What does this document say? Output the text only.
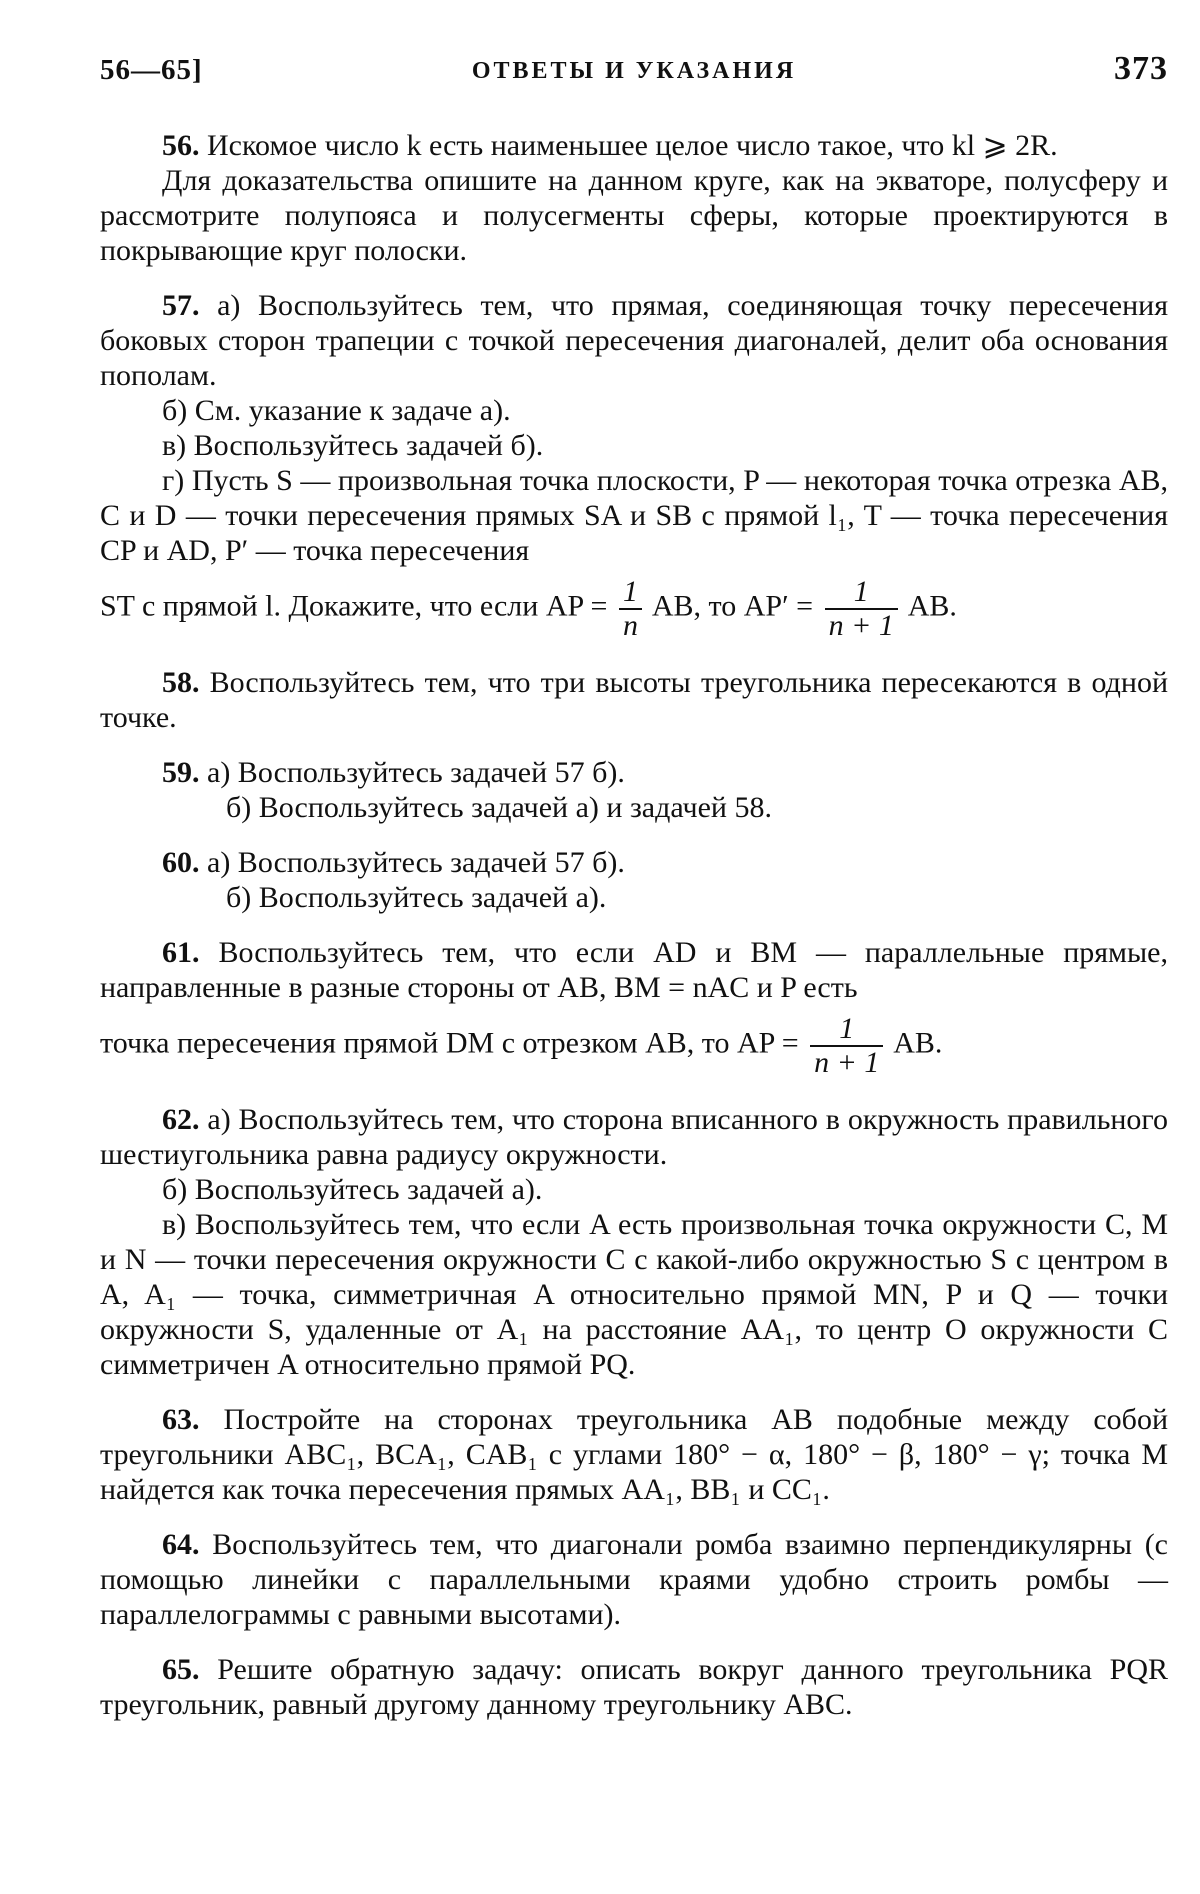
56—65]	ОТВЕТЫ И УКАЗАНИЯ	373

56. Искомое число k есть наименьшее целое число такое, что kl ⩾ 2R.

Для доказательства опишите на данном круге, как на экваторе, полусферу и рассмотрите полупояса и полусегменты сферы, которые проектируются в покрывающие круг полоски.

57. а) Воспользуйтесь тем, что прямая, соединяющая точку пересечения боковых сторон трапеции с точкой пересечения диагоналей, делит оба основания пополам.

б) См. указание к задаче а).

в) Воспользуйтесь задачей б).

г) Пусть S — произвольная точка плоскости, P — некоторая точка отрезка AB, C и D — точки пересечения прямых SA и SB с прямой l₁, T — точка пересечения CP и AD, P′ — точка пересечения

ST с прямой l. Докажите, что если AP = $\frac{1}{n}$ AB, то $AP' = \frac{1}{n + 1}$ AB.

58. Воспользуйтесь тем, что три высоты треугольника пересекаются в одной точке.

59. а) Воспользуйтесь задачей 57 б).

б) Воспользуйтесь задачей а) и задачей 58.

60. а) Воспользуйтесь задачей 57 б).

б) Воспользуйтесь задачей а).

61. Воспользуйтесь тем, что если AD и BM — параллельные прямые, направленные в разные стороны от AB, BM = nAC и P есть

точка пересечения прямой DM с отрезком AB, то AP = $\frac{1}{n + 1}$ AB.

62. а) Воспользуйтесь тем, что сторона вписанного в окружность правильного шестиугольника равна радиусу окружности.

б) Воспользуйтесь задачей а).

в) Воспользуйтесь тем, что если A есть произвольная точка окружности C, M и N — точки пересечения окружности C с какой-либо окружностью S с центром в A, A₁ — точка, симметричная A относительно прямой MN, P и Q — точки окружности S, удаленные от A₁ на расстояние AA₁, то центр O окружности C симметричен A относительно прямой PQ.

63. Постройте на сторонах треугольника AB подобные между собой треугольники ABC₁, BCA₁, CAB₁ с углами 180° − α, 180° − β, 180° − γ; точка M найдется как точка пересечения прямых AA₁, BB₁ и CC₁.

64. Воспользуйтесь тем, что диагонали ромба взаимно перпендикулярны (с помощью линейки с параллельными краями удобно строить ромбы — параллелограммы с равными высотами).

65. Решите обратную задачу: описать вокруг данного треугольника PQR треугольник, равный другому данному треугольнику ABC.
